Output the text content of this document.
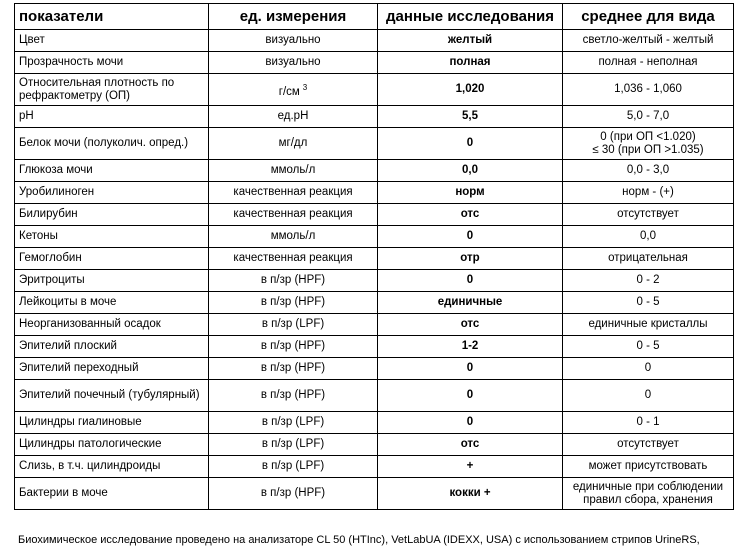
показатели	ед. измерения	данные исследования	среднее для вида
Цвет	визуально	желтый	светло-желтый - желтый

Прозрачность мочи	визуально	полная	полная - неполная

Относительная плотность по рефрактометру (ОП)	г/см $^3$	1,020	1,036 - 1,060

pH	ед.pH	5,5	5,0 - 7,0

Белок мочи (полуколич. опред.)	мг/дл	0	0 (при ОП <1.020)
≤ 30 (при ОП >1.035)

Глюкоза мочи	ммоль/л	0,0	0,0 - 3,0

Уробилиноген	качественная реакция	норм	норм - (+)

Билирубин	качественная реакция	отс	отсутствует

Кетоны	ммоль/л	0	0,0

Гемоглобин	качественная реакция	отр	отрицательная

Эритроциты	в п/зр (HPF)	0	0 - 2

Лейкоциты в моче	в п/зр (HPF)	единичные	0 - 5

Неорганизованный осадок	в п/зр (LPF)	отс	единичные кристаллы

Эпителий плоский	в п/зр (HPF)	1-2	0 - 5

Эпителий переходный	в п/зр (HPF)	0	0

Эпителий почечный (тубулярный)	в п/зр (HPF)	0	0

Цилиндры гиалиновые	в п/зр (LPF)	0	0 - 1

Цилиндры патологические	в п/зр (LPF)	отс	отсутствует

Слизь, в т.ч. цилиндроиды	в п/зр (LPF)	+	может присутствовать

Бактерии в моче	в п/зр (HPF)	кокки +	единичные при соблюдении
правил сбора, хранения
Биохимическое исследование проведено на анализаторе CL 50 (HTInc), VetLabUA (IDEXX, USA) с использованием стрипов UrineRS,
